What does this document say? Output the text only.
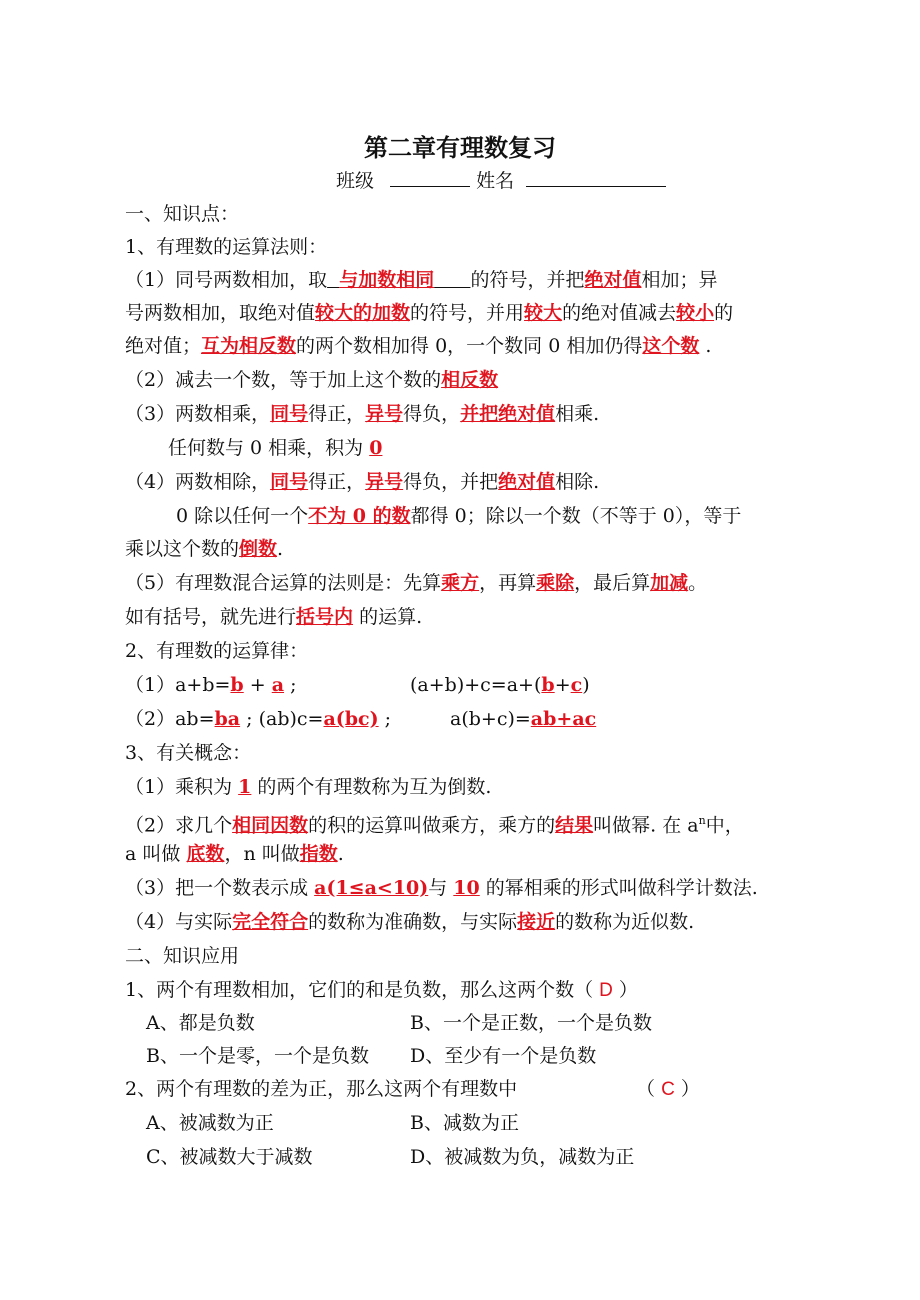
第二章有理数复习
班级	姓名
一、知识点：
1、有理数的运算法则：
（1）同号两数相加，取 与加数相同 的符号，并把绝对值相加；异
号两数相加，取绝对值较大的加数的符号，并用较大的绝对值减去较小的
绝对值；互为相反数的两个数相加得 0，一个数同 0 相加仍得这个数 .
（2）减去一个数，等于加上这个数的相反数
（3）两数相乘，同号得正，异号得负，并把绝对值相乘.
任何数与 0 相乘，积为 0
（4）两数相除，同号得正，异号得负，并把绝对值相除.
0 除以任何一个不为 0 的数都得 0；除以一个数（不等于 0），等于
乘以这个数的倒数.
（5）有理数混合运算的法则是：先算乘方，再算乘除，最后算加减。
如有括号，就先进行括号内 的运算.
2、有理数的运算律：
（1）a+b=b + a ;	(a+b)+c=a+(b+c)
（2）ab=ba ; (ab)c=a(bc) ;	a(b+c)=ab+ac
3、有关概念：
（1）乘积为 1 的两个有理数称为互为倒数.
（2）求几个相同因数的积的运算叫做乘方，乘方的结果叫做幂. 在 $a^n$中，
a 叫做 底数，n 叫做指数.
（3）把一个数表示成 a(1≤a<10)与 10 的幂相乘的形式叫做科学计数法.
（4）与实际完全符合的数称为准确数，与实际接近的数称为近似数.
二、知识应用
1、两个有理数相加，它们的和是负数，那么这两个数（ D ）
A、都是负数	B、一个是正数，一个是负数
B、一个是零，一个是负数 D、至少有一个是负数
2、两个有理数的差为正，那么这两个有理数中	（ C ）
A、被减数为正	B、减数为正
C、被减数大于减数	D、被减数为负，减数为正
